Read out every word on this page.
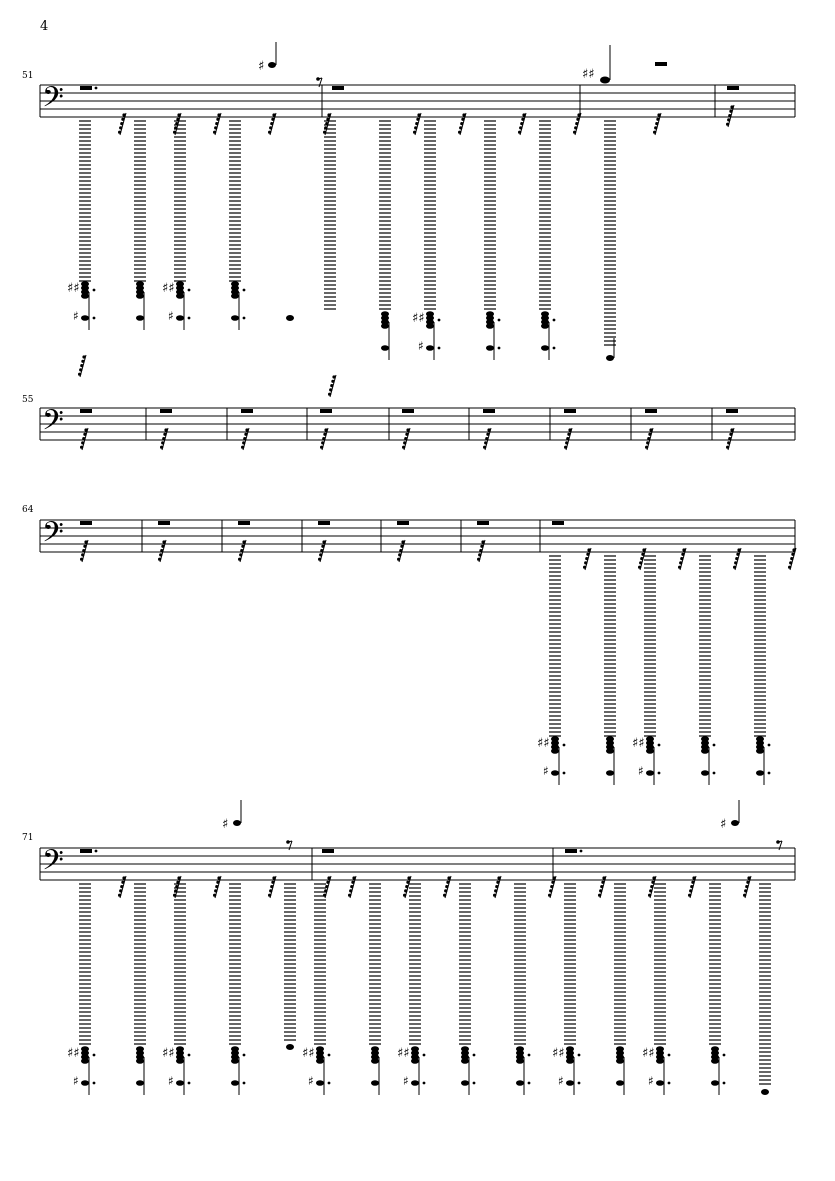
4
51
𝄢
♯♯
♯
♯♯
♯
♯
♯♯
♯
♯♯
55
𝄢
64
𝄢
♯♯
♯
♯♯
♯
71
𝄢
♯♯
♯
♯♯
♯
♯
♯♯
♯
♯♯
♯
♯♯
♯
♯♯
♯
♯
